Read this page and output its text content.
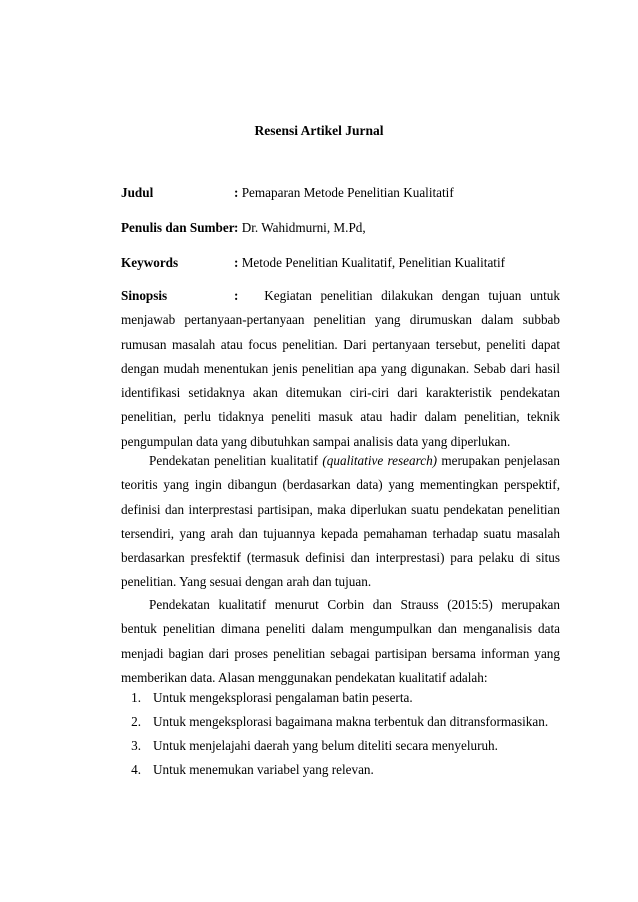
Resensi Artikel Jurnal
Judul	: Pemaparan Metode Penelitian Kualitatif
Penulis dan Sumber: Dr. Wahidmurni, M.Pd,
Keywords	: Metode Penelitian Kualitatif, Penelitian Kualitatif

Sinopsis	: Kegiatan penelitian dilakukan dengan tujuan untuk menjawab pertanyaan-pertanyaan penelitian yang dirumuskan dalam subbab rumusan masalah atau focus penelitian. Dari pertanyaan tersebut, peneliti dapat dengan mudah menentukan jenis penelitian apa yang digunakan. Sebab dari hasil identifikasi setidaknya akan ditemukan ciri-ciri dari karakteristik pendekatan penelitian, perlu tidaknya peneliti masuk atau hadir dalam penelitian, teknik pengumpulan data yang dibutuhkan sampai analisis data yang diperlukan.

Pendekatan penelitian kualitatif (qualitative research) merupakan penjelasan teoritis yang ingin dibangun (berdasarkan data) yang mementingkan perspektif, definisi dan interprestasi partisipan, maka diperlukan suatu pendekatan penelitian tersendiri, yang arah dan tujuannya kepada pemahaman terhadap suatu masalah berdasarkan presfektif (termasuk definisi dan interprestasi) para pelaku di situs penelitian. Yang sesuai dengan arah dan tujuan.

Pendekatan kualitatif menurut Corbin dan Strauss (2015:5) merupakan bentuk penelitian dimana peneliti dalam mengumpulkan dan menganalisis data menjadi bagian dari proses penelitian sebagai partisipan bersama informan yang memberikan data. Alasan menggunakan pendekatan kualitatif adalah:

1. Untuk mengeksplorasi pengalaman batin peserta.
2. Untuk mengeksplorasi bagaimana makna terbentuk dan ditransformasikan.
3. Untuk menjelajahi daerah yang belum diteliti secara menyeluruh.
4. Untuk menemukan variabel yang relevan.
